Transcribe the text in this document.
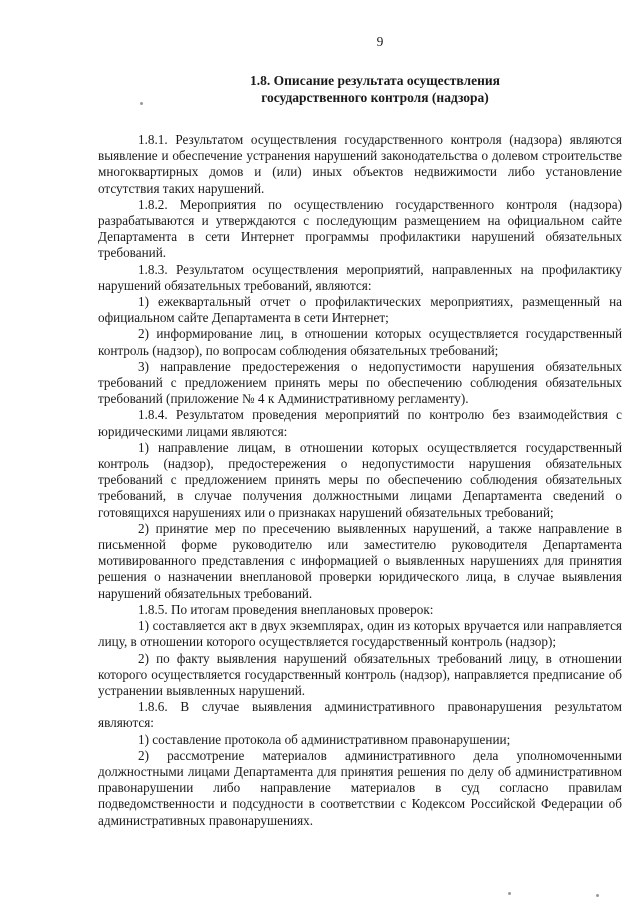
9
1.8. Описание результата осуществления
государственного контроля (надзора)

1.8.1. Результатом осуществления государственного контроля (надзора) являются выявление и обеспечение устранения нарушений законодательства о долевом строительстве многоквартирных домов и (или) иных объектов недвижимости либо установление отсутствия таких нарушений.

1.8.2. Мероприятия по осуществлению государственного контроля (надзора) разрабатываются и утверждаются с последующим размещением на официальном сайте Департамента в сети Интернет программы профилактики нарушений обязательных требований.

1.8.3. Результатом осуществления мероприятий, направленных на профилактику нарушений обязательных требований, являются:

1) ежеквартальный отчет о профилактических мероприятиях, размещенный на официальном сайте Департамента в сети Интернет;

2) информирование лиц, в отношении которых осуществляется государственный контроль (надзор), по вопросам соблюдения обязательных требований;

3) направление предостережения о недопустимости нарушения обязательных требований с предложением принять меры по обеспечению соблюдения обязательных требований (приложение № 4 к Административному регламенту).

1.8.4. Результатом проведения мероприятий по контролю без взаимодействия с юридическими лицами являются:

1) направление лицам, в отношении которых осуществляется государственный контроль (надзор), предостережения о недопустимости нарушения обязательных требований с предложением принять меры по обеспечению соблюдения обязательных требований, в случае получения должностными лицами Департамента сведений о готовящихся нарушениях или о признаках нарушений обязательных требований;

2) принятие мер по пресечению выявленных нарушений, а также направление в письменной форме руководителю или заместителю руководителя Департамента мотивированного представления с информацией о выявленных нарушениях для принятия решения о назначении внеплановой проверки юридического лица, в случае выявления нарушений обязательных требований.

1.8.5. По итогам проведения внеплановых проверок:

1) составляется акт в двух экземплярах, один из которых вручается или направляется лицу, в отношении которого осуществляется государственный контроль (надзор);

2) по факту выявления нарушений обязательных требований лицу, в отношении которого осуществляется государственный контроль (надзор), направляется предписание об устранении выявленных нарушений.

1.8.6. В случае выявления административного правонарушения результатом являются:

1) составление протокола об административном правонарушении;

2) рассмотрение материалов административного дела уполномоченными должностными лицами Департамента для принятия решения по делу об административном правонарушении либо направление материалов в суд согласно правилам подведомственности и подсудности в соответствии с Кодексом Российской Федерации об административных правонарушениях.
